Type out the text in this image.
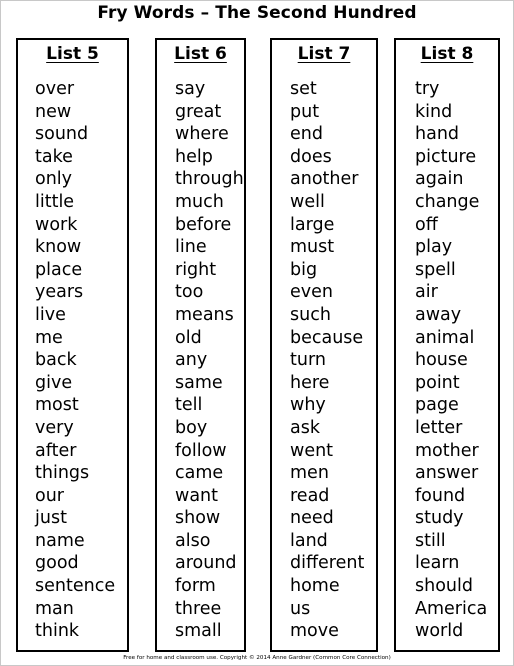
Fry Words – The Second Hundred
List 5
over
new
sound
take
only
little
work
know
place
years
live
me
back
give
most
very
after
things
our
just
name
good
sentence
man
think
List 6
say
great
where
help
through
much
before
line
right
too
means
old
any
same
tell
boy
follow
came
want
show
also
around
form
three
small
List 7
set
put
end
does
another
well
large
must
big
even
such
because
turn
here
why
ask
went
men
read
need
land
different
home
us
move
List 8
try
kind
hand
picture
again
change
off
play
spell
air
away
animal
house
point
page
letter
mother
answer
found
study
still
learn
should
America
world
Free for home and classroom use. Copyright © 2014 Anne Gardner (Common Core Connection)
